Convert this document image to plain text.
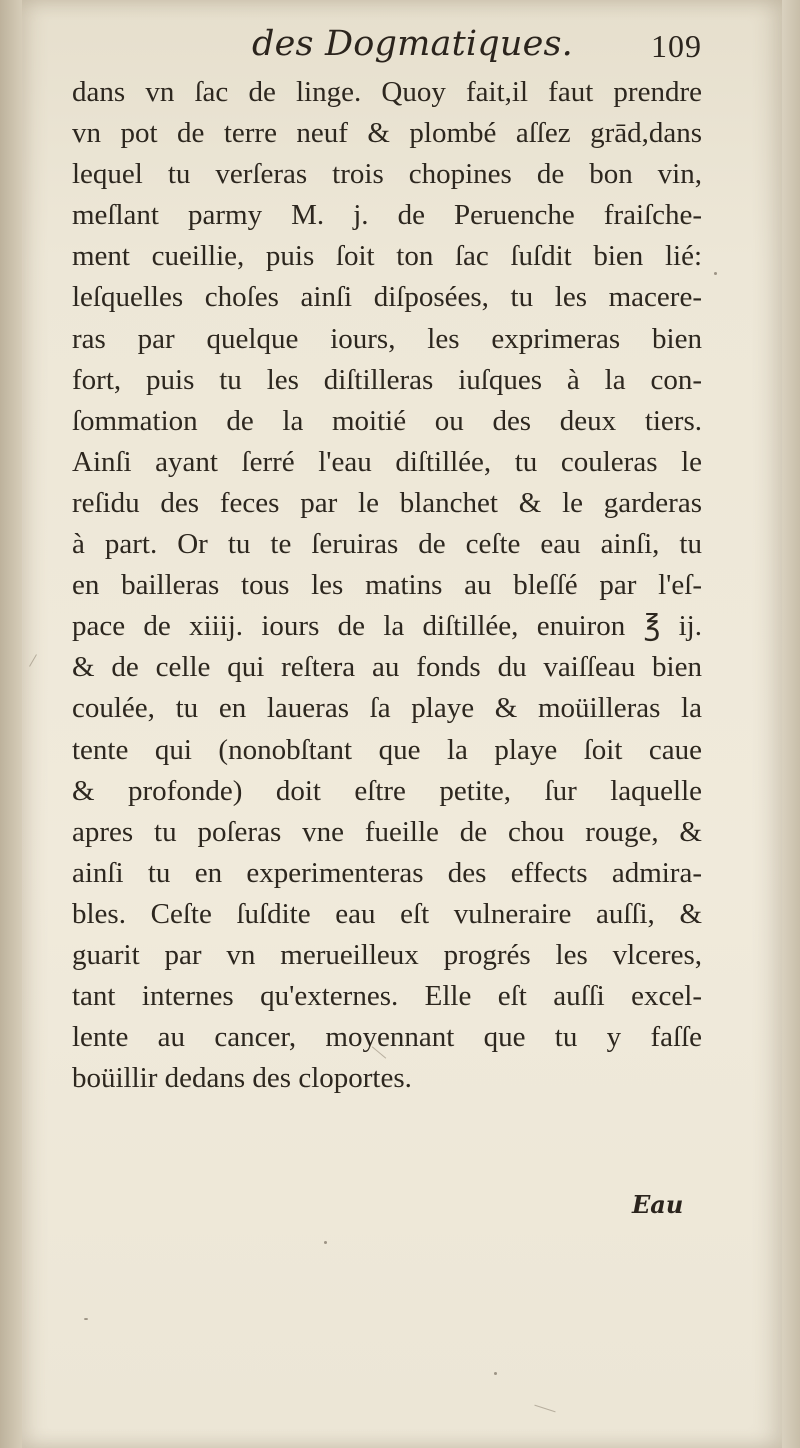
des Dogmatiques. 109
dans vn ſac de linge. Quoy fait,il faut prendre
vn pot de terre neuf & plombé aſſez grād,dans
lequel tu verſeras trois chopines de bon vin,
meſlant parmy M. j. de Peruenche fraiſche-
ment cueillie, puis ſoit ton ſac ſuſdit bien lié:
leſquelles choſes ainſi diſposées, tu les macere-
ras par quelque iours, les exprimeras bien
fort, puis tu les diſtilleras iuſques à la con-
ſommation de la moitié ou des deux tiers.
Ainſi ayant ſerré l'eau diſtillée, tu couleras le
reſidu des feces par le blanchet & le garderas
à part. Or tu te ſeruiras de ceſte eau ainſi, tu
en bailleras tous les matins au bleſſé par l'eſ-
pace de xiiij. iours de la diſtillée, enuiron ℥ ij.
& de celle qui reſtera au fonds du vaiſſeau bien
coulée, tu en laueras ſa playe & moüilleras la
tente qui (nonobſtant que la playe ſoit caue
& profonde) doit eſtre petite, ſur laquelle
apres tu poſeras vne fueille de chou rouge, &
ainſi tu en experimenteras des effects admira-
bles. Ceſte ſuſdite eau eſt vulneraire auſſi, &
guarit par vn merueilleux progrés les vlceres,
tant internes qu'externes. Elle eſt auſſi excel-
lente au cancer, moyennant que tu y faſſe
boüillir dedans des cloportes.
Eau
